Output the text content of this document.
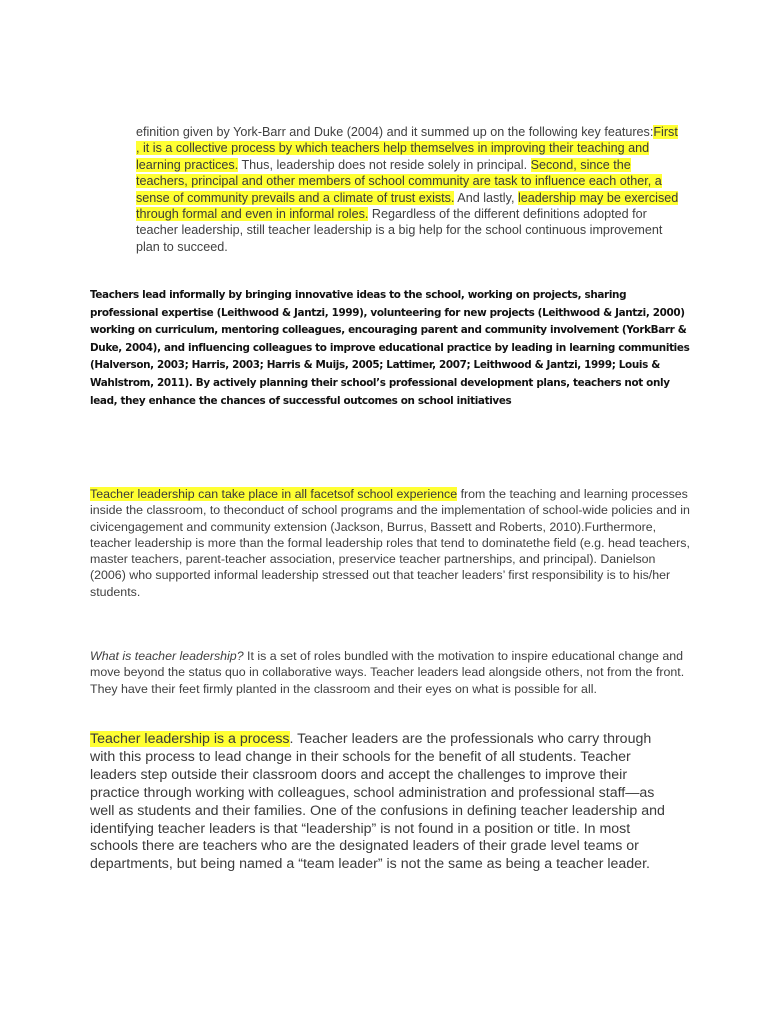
efinition given by York-Barr and Duke (2004) and it summed up on the following key features:First , it is a collective process by which teachers help themselves in improving their teaching and learning practices. Thus, leadership does not reside solely in principal. Second, since the teachers, principal and other members of school community are task to influence each other, a sense of community prevails and a climate of trust exists. And lastly, leadership may be exercised through formal and even in informal roles. Regardless of the different definitions adopted for teacher leadership, still teacher leadership is a big help for the school continuous improvement plan to succeed.

Teachers lead informally by bringing innovative ideas to the school, working on projects, sharing professional expertise (Leithwood & Jantzi, 1999), volunteering for new projects (Leithwood & Jantzi, 2000) working on curriculum, mentoring colleagues, encouraging parent and community involvement (YorkBarr & Duke, 2004), and influencing colleagues to improve educational practice by leading in learning communities (Halverson, 2003; Harris, 2003; Harris & Muijs, 2005; Lattimer, 2007; Leithwood & Jantzi, 1999; Louis & Wahlstrom, 2011). By actively planning their school’s professional development plans, teachers not only lead, they enhance the chances of successful outcomes on school initiatives

Teacher leadership can take place in all facetsof school experience from the teaching and learning processes inside the classroom, to theconduct of school programs and the implementation of school-wide policies and in civicengagement and community extension (Jackson, Burrus, Bassett and Roberts, 2010).Furthermore, teacher leadership is more than the formal leadership roles that tend to dominatethe field (e.g. head teachers, master teachers, parent-teacher association, preservice teacher partnerships, and principal). Danielson (2006) who supported informal leadership stressed out that teacher leaders’ first responsibility is to his/her students.

What is teacher leadership? It is a set of roles bundled with the motivation to inspire educational change and move beyond the status quo in collaborative ways. Teacher leaders lead alongside others, not from the front. They have their feet firmly planted in the classroom and their eyes on what is possible for all.

Teacher leadership is a process. Teacher leaders are the professionals who carry through with this process to lead change in their schools for the benefit of all students. Teacher leaders step outside their classroom doors and accept the challenges to improve their practice through working with colleagues, school administration and professional staff—as well as students and their families. One of the confusions in defining teacher leadership and identifying teacher leaders is that “leadership” is not found in a position or title. In most schools there are teachers who are the designated leaders of their grade level teams or departments, but being named a “team leader” is not the same as being a teacher leader.
